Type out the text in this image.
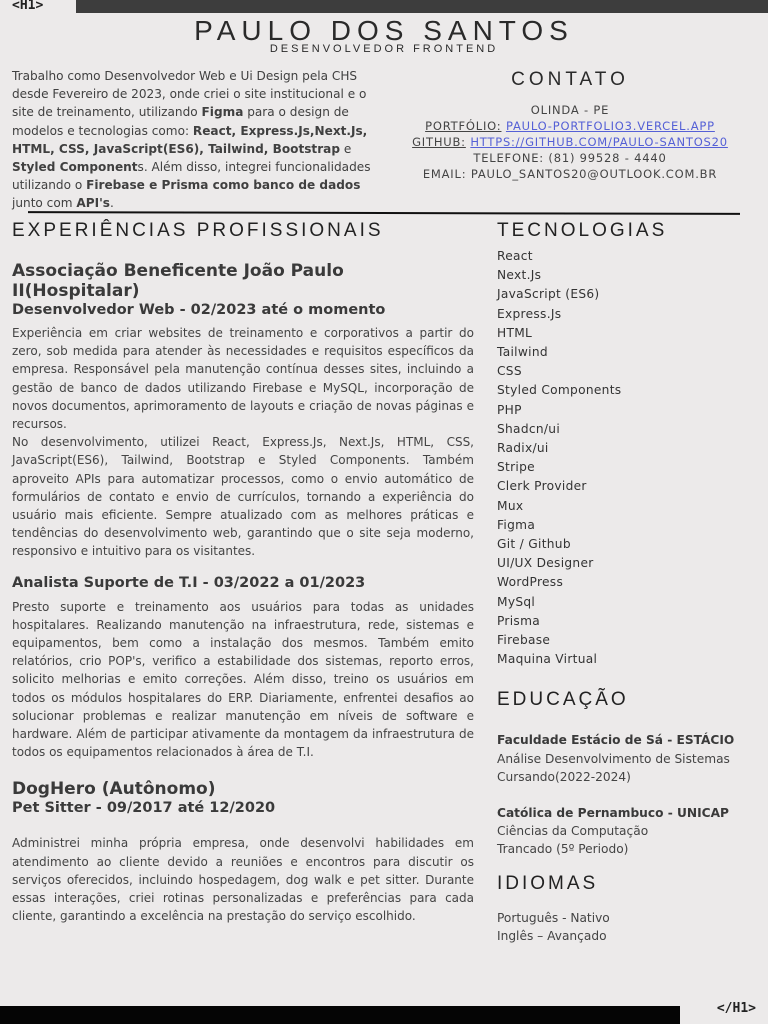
<H1>
PAULO DOS SANTOS
DESENVOLVEDOR FRONTEND
Trabalho como Desenvolvedor Web e Ui Design pela CHS desde Fevereiro de 2023, onde criei o site institucional e o site de treinamento, utilizando Figma para o design de modelos e tecnologias como: React, Express.Js,Next.Js, HTML, CSS, JavaScript(ES6), Tailwind, Bootstrap e Styled Components. Além disso, integrei funcionalidades utilizando o Firebase e Prisma como banco de dados junto com API's.
CONTATO
OLINDA - PE
PORTFÓLIO: PAULO-PORTFOLIO3.VERCEL.APP
GITHUB: HTTPS://GITHUB.COM/PAULO-SANTOS20
TELEFONE: (81) 99528 - 4440
EMAIL: PAULO_SANTOS20@OUTLOOK.COM.BR
EXPERIÊNCIAS PROFISSIONAIS
Associação Beneficente João Paulo II(Hospitalar)
Desenvolvedor Web - 02/2023 até o momento
Experiência em criar websites de treinamento e corporativos a partir do zero, sob medida para atender às necessidades e requisitos específicos da empresa. Responsável pela manutenção contínua desses sites, incluindo a gestão de banco de dados utilizando Firebase e MySQL, incorporação de novos documentos, aprimoramento de layouts e criação de novas páginas e recursos.
No desenvolvimento, utilizei React, Express.Js, Next.Js, HTML, CSS, JavaScript(ES6), Tailwind, Bootstrap e Styled Components. Também aproveito APIs para automatizar processos, como o envio automático de formulários de contato e envio de currículos, tornando a experiência do usuário mais eficiente. Sempre atualizado com as melhores práticas e tendências do desenvolvimento web, garantindo que o site seja moderno, responsivo e intuitivo para os visitantes.
Analista Suporte de T.I - 03/2022 a 01/2023
Presto suporte e treinamento aos usuários para todas as unidades hospitalares. Realizando manutenção na infraestrutura, rede, sistemas e equipamentos, bem como a instalação dos mesmos. Também emito relatórios, crio POP's, verifico a estabilidade dos sistemas, reporto erros, solicito melhorias e emito correções. Além disso, treino os usuários em todos os módulos hospitalares do ERP. Diariamente, enfrentei desafios ao solucionar problemas e realizar manutenção em níveis de software e hardware. Além de participar ativamente da montagem da infraestrutura de todos os equipamentos relacionados à área de T.I.
DogHero (Autônomo)
Pet Sitter - 09/2017 até 12/2020
Administrei minha própria empresa, onde desenvolvi habilidades em atendimento ao cliente devido a reuniões e encontros para discutir os serviços oferecidos, incluindo hospedagem, dog walk e pet sitter. Durante essas interações, criei rotinas personalizadas e preferências para cada cliente, garantindo a excelência na prestação do serviço escolhido.
TECNOLOGIAS
React
Next.Js
JavaScript (ES6)
Express.Js
HTML
Tailwind
CSS
Styled Components
PHP
Shadcn/ui
Radix/ui
Stripe
Clerk Provider
Mux
Figma
Git / Github
UI/UX Designer
WordPress
MySql
Prisma
Firebase
Maquina Virtual
EDUCAÇÃO
Faculdade Estácio de Sá - ESTÁCIO
Análise Desenvolvimento de Sistemas
Cursando(2022-2024)
Católica de Pernambuco - UNICAP
Ciências da Computação
Trancado (5º Periodo)
IDIOMAS
Português - Nativo
Inglês – Avançado
</H1>
